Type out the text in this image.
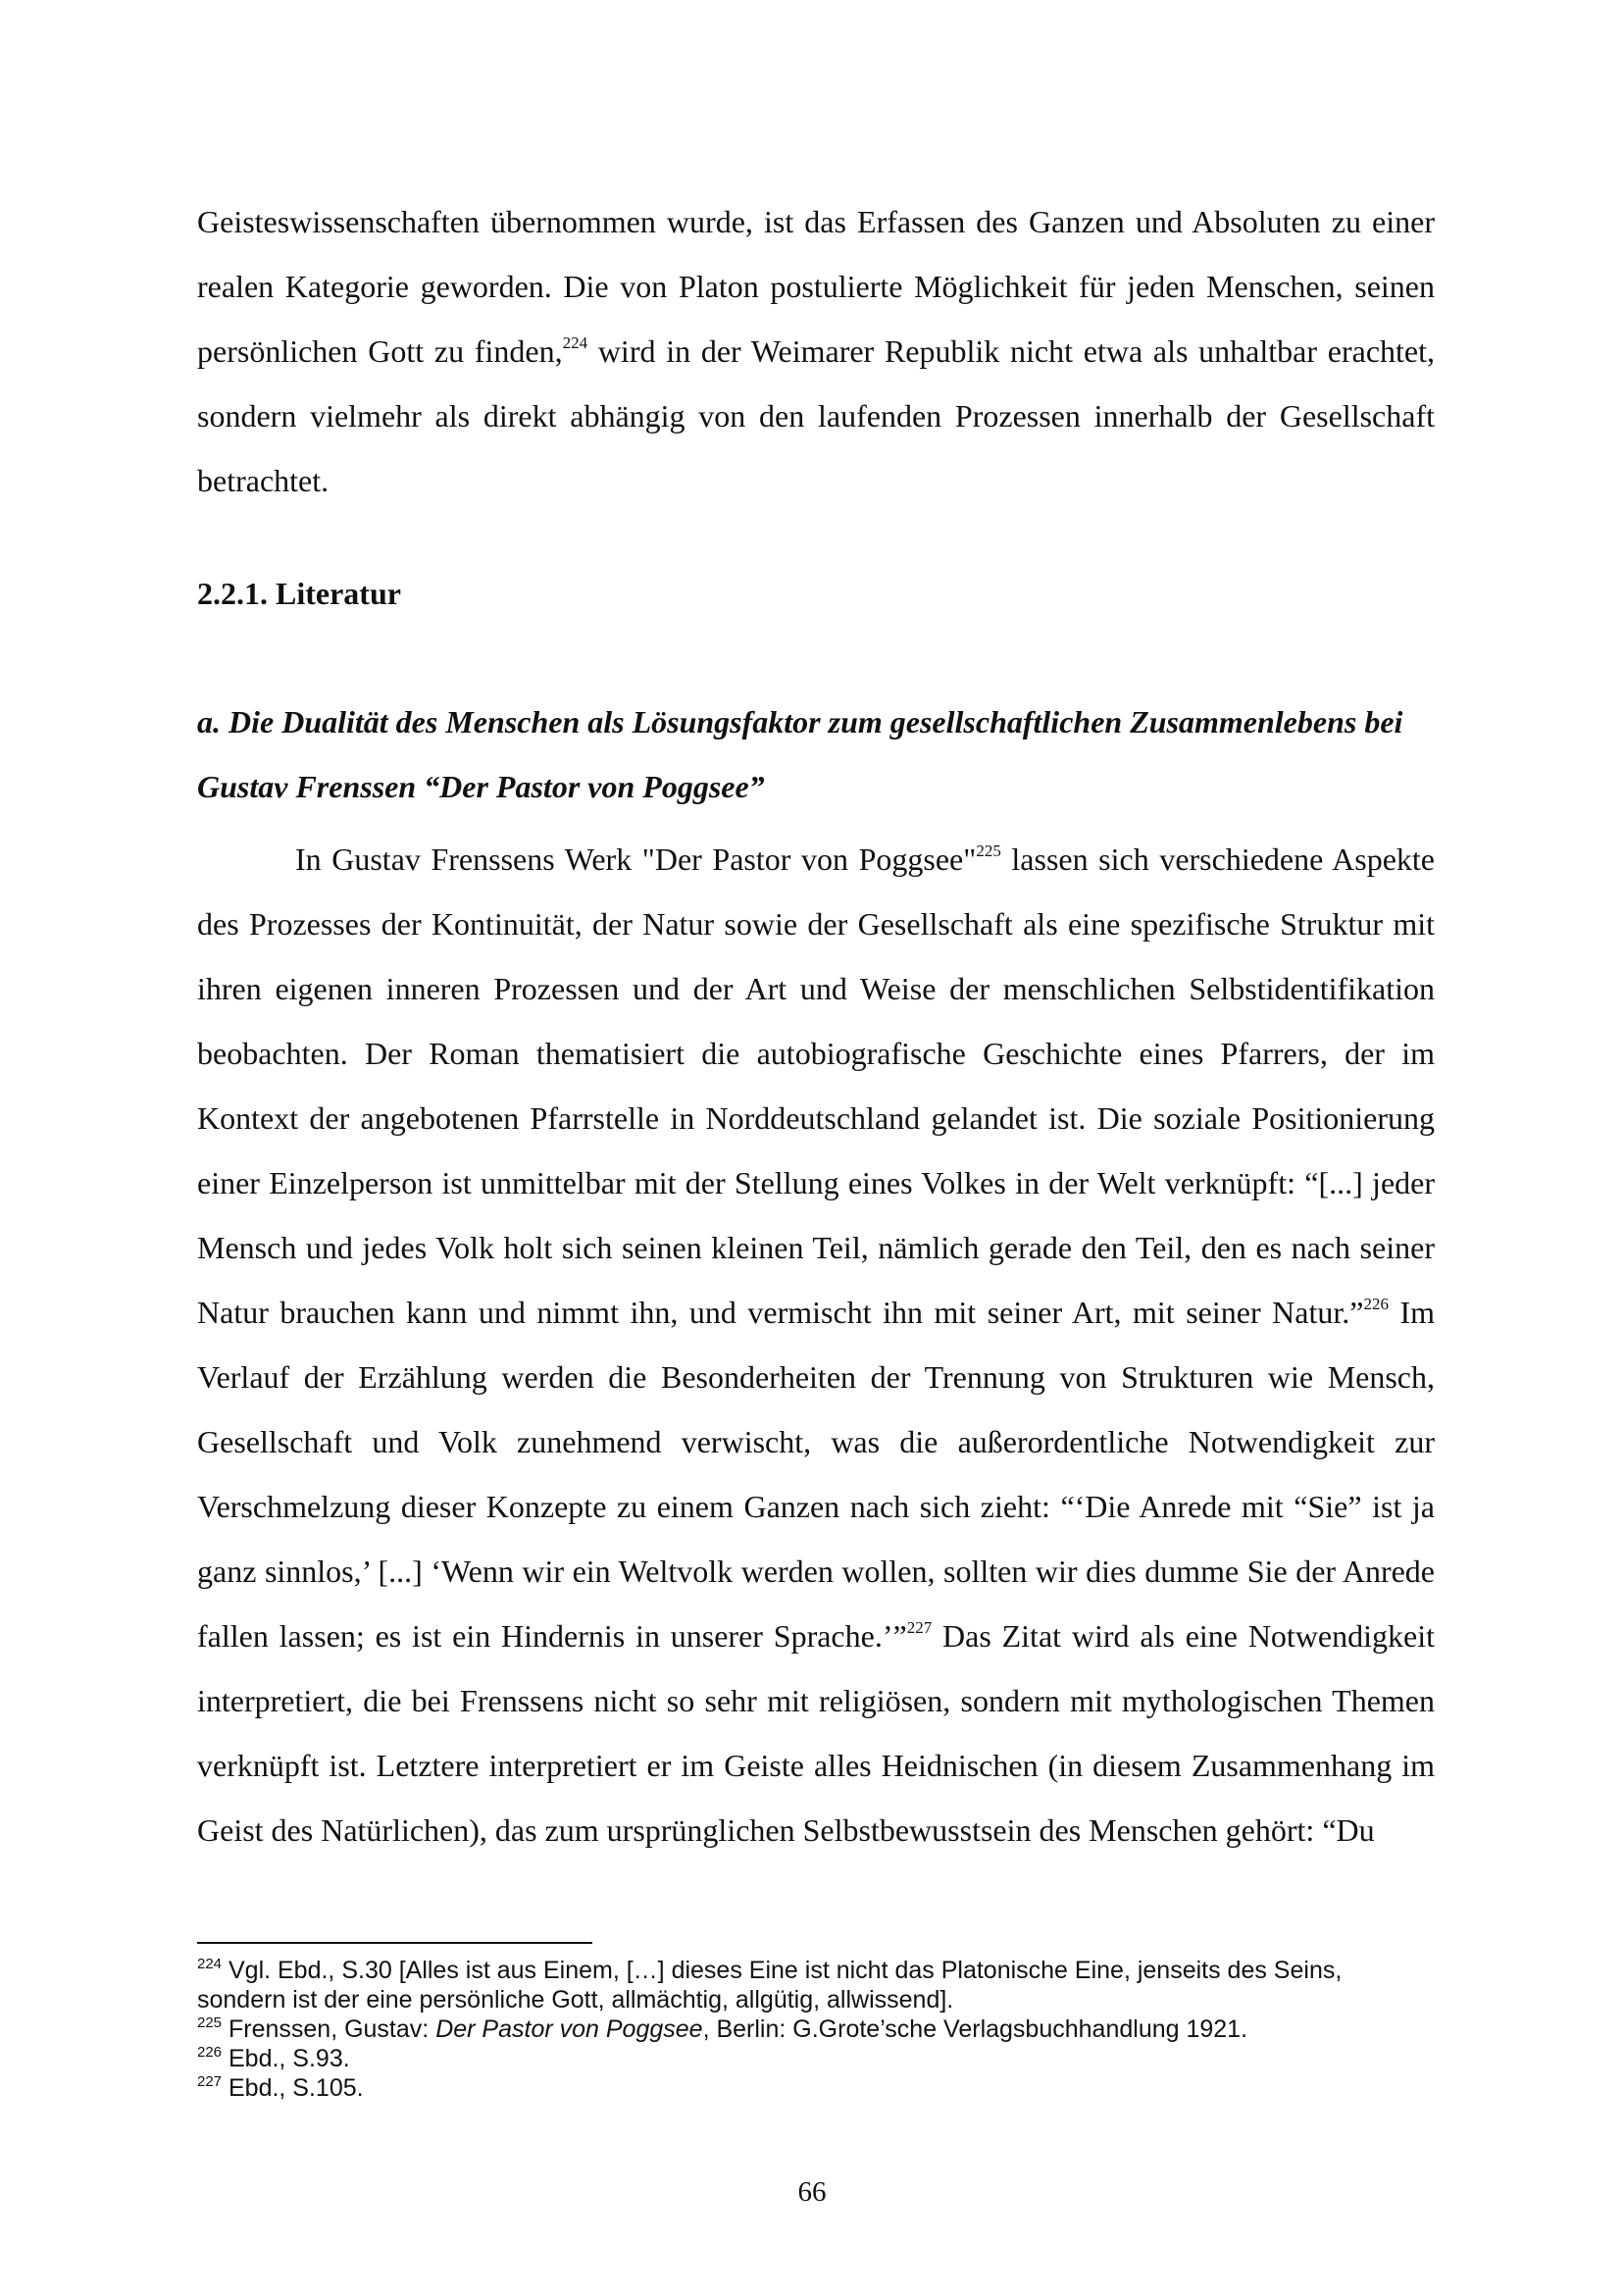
Geisteswissenschaften übernommen wurde, ist das Erfassen des Ganzen und Absoluten zu einer realen Kategorie geworden. Die von Platon postulierte Möglichkeit für jeden Menschen, seinen persönlichen Gott zu finden,$^{224}$ wird in der Weimarer Republik nicht etwa als unhaltbar erachtet, sondern vielmehr als direkt abhängig von den laufenden Prozessen innerhalb der Gesellschaft betrachtet.

2.2.1. Literatur
a. Die Dualität des Menschen als Lösungsfaktor zum gesellschaftlichen Zusammenlebens bei Gustav Frenssen “Der Pastor von Poggsee”

In Gustav Frenssens Werk "Der Pastor von Poggsee"$^{225}$ lassen sich verschiedene Aspekte des Prozesses der Kontinuität, der Natur sowie der Gesellschaft als eine spezifische Struktur mit ihren eigenen inneren Prozessen und der Art und Weise der menschlichen Selbstidentifikation beobachten. Der Roman thematisiert die autobiografische Geschichte eines Pfarrers, der im Kontext der angebotenen Pfarrstelle in Norddeutschland gelandet ist. Die soziale Positionierung einer Einzelperson ist unmittelbar mit der Stellung eines Volkes in der Welt verknüpft: “[...] jeder Mensch und jedes Volk holt sich seinen kleinen Teil, nämlich gerade den Teil, den es nach seiner Natur brauchen kann und nimmt ihn, und vermischt ihn mit seiner Art, mit seiner Natur.”$^{226}$ Im Verlauf der Erzählung werden die Besonderheiten der Trennung von Strukturen wie Mensch, Gesellschaft und Volk zunehmend verwischt, was die außerordentliche Notwendigkeit zur Verschmelzung dieser Konzepte zu einem Ganzen nach sich zieht: “‘Die Anrede mit “Sie” ist ja ganz sinnlos,’ [...] ‘Wenn wir ein Weltvolk werden wollen, sollten wir dies dumme Sie der Anrede fallen lassen; es ist ein Hindernis in unserer Sprache.’”$^{227}$ Das Zitat wird als eine Notwendigkeit interpretiert, die bei Frenssens nicht so sehr mit religiösen, sondern mit mythologischen Themen verknüpft ist. Letztere interpretiert er im Geiste alles Heidnischen (in diesem Zusammenhang im Geist des Natürlichen), das zum ursprünglichen Selbstbewusstsein des Menschen gehört: “Du

$^{224}$ Vgl. Ebd., S.30 [Alles ist aus Einem, […] dieses Eine ist nicht das Platonische Eine, jenseits des Seins, sondern ist der eine persönliche Gott, allmächtig, allgütig, allwissend].

$^{225}$ Frenssen, Gustav: Der Pastor von Poggsee, Berlin: G.Grote’sche Verlagsbuchhandlung 1921.

$^{226}$ Ebd., S.93.

$^{227}$ Ebd., S.105.

66
